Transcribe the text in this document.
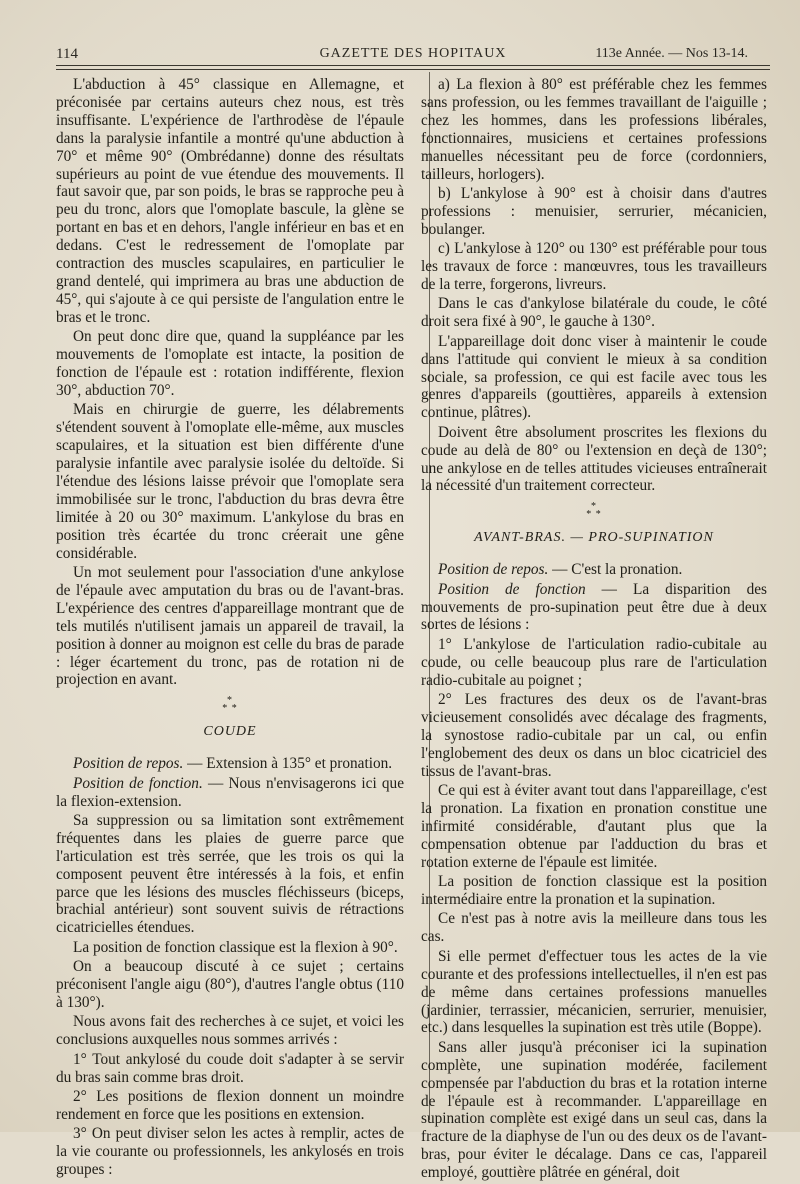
114	GAZETTE DES HOPITAUX	113e Année. — Nos 13-14.

L'abduction à 45° classique en Allemagne, et préconisée par certains auteurs chez nous, est très insuffisante. L'expérience de l'arthrodèse de l'épaule dans la paralysie infantile a montré qu'une abduction à 70° et même 90° (Ombrédanne) donne des résultats supérieurs au point de vue étendue des mouvements. Il faut savoir que, par son poids, le bras se rapproche peu à peu du tronc, alors que l'omoplate bascule, la glène se portant en bas et en dehors, l'angle inférieur en bas et en dedans. C'est le redressement de l'omoplate par contraction des muscles scapulaires, en particulier le grand dentelé, qui imprimera au bras une abduction de 45°, qui s'ajoute à ce qui persiste de l'angulation entre le bras et le tronc.

On peut donc dire que, quand la suppléance par les mouvements de l'omoplate est intacte, la position de fonction de l'épaule est : rotation indifférente, flexion 30°, abduction 70°.

Mais en chirurgie de guerre, les délabrements s'étendent souvent à l'omoplate elle-même, aux muscles scapulaires, et la situation est bien différente d'une paralysie infantile avec paralysie isolée du deltoïde. Si l'étendue des lésions laisse prévoir que l'omoplate sera immobilisée sur le tronc, l'abduction du bras devra être limitée à 20 ou 30° maximum. L'ankylose du bras en position très écartée du tronc créerait une gêne considérable.

Un mot seulement pour l'association d'une ankylose de l'épaule avec amputation du bras ou de l'avant-bras. L'expérience des centres d'appareillage montrant que de tels mutilés n'utilisent jamais un appareil de travail, la position à donner au moignon est celle du bras de parade : léger écartement du tronc, pas de rotation ni de projection en avant.

*
* *
COUDE

Position de repos. — Extension à 135° et pronation.

Position de fonction. — Nous n'envisagerons ici que la flexion-extension.

Sa suppression ou sa limitation sont extrêmement fréquentes dans les plaies de guerre parce que l'articulation est très serrée, que les trois os qui la composent peuvent être intéressés à la fois, et enfin parce que les lésions des muscles fléchisseurs (biceps, brachial antérieur) sont souvent suivis de rétractions cicatricielles étendues.

La position de fonction classique est la flexion à 90°.

On a beaucoup discuté à ce sujet ; certains préconisent l'angle aigu (80°), d'autres l'angle obtus (110 à 130°).

Nous avons fait des recherches à ce sujet, et voici les conclusions auxquelles nous sommes arrivés :

1° Tout ankylosé du coude doit s'adapter à se servir du bras sain comme bras droit.

2° Les positions de flexion donnent un moindre rendement en force que les positions en extension.

3° On peut diviser selon les actes à remplir, actes de la vie courante ou professionnels, les ankylosés en trois groupes :

a) La flexion à 80° est préférable chez les femmes sans profession, ou les femmes travaillant de l'aiguille ; chez les hommes, dans les professions libérales, fonctionnaires, musiciens et certaines professions manuelles nécessitant peu de force (cordonniers, tailleurs, horlogers).

b) L'ankylose à 90° est à choisir dans d'autres professions : menuisier, serrurier, mécanicien, boulanger.

c) L'ankylose à 120° ou 130° est préférable pour tous les travaux de force : manœuvres, tous les travailleurs de la terre, forgerons, livreurs.

Dans le cas d'ankylose bilatérale du coude, le côté droit sera fixé à 90°, le gauche à 130°.

L'appareillage doit donc viser à maintenir le coude dans l'attitude qui convient le mieux à sa condition sociale, sa profession, ce qui est facile avec tous les genres d'appareils (gouttières, appareils à extension continue, plâtres).

Doivent être absolument proscrites les flexions du coude au delà de 80° ou l'extension en deçà de 130°; une ankylose en de telles attitudes vicieuses entraînerait la nécessité d'un traitement correcteur.

*
* *
AVANT-BRAS. — PRO-SUPINATION

Position de repos. — C'est la pronation.

Position de fonction — La disparition des mouvements de pro-supination peut être due à deux sortes de lésions :

1° L'ankylose de l'articulation radio-cubitale au coude, ou celle beaucoup plus rare de l'articulation radio-cubitale au poignet ;

2° Les fractures des deux os de l'avant-bras vicieusement consolidés avec décalage des fragments, la synostose radio-cubitale par un cal, ou enfin l'englobement des deux os dans un bloc cicatriciel des tissus de l'avant-bras.

Ce qui est à éviter avant tout dans l'appareillage, c'est la pronation. La fixation en pronation constitue une infirmité considérable, d'autant plus que la compensation obtenue par l'adduction du bras et rotation externe de l'épaule est limitée.

La position de fonction classique est la position intermédiaire entre la pronation et la supination.

Ce n'est pas à notre avis la meilleure dans tous les cas.

Si elle permet d'effectuer tous les actes de la vie courante et des professions intellectuelles, il n'en est pas de même dans certaines professions manuelles (jardinier, terrassier, mécanicien, serrurier, menuisier, etc.) dans lesquelles la supination est très utile (Boppe).

Sans aller jusqu'à préconiser ici la supination complète, une supination modérée, facilement compensée par l'abduction du bras et la rotation interne de l'épaule est à recommander. L'appareillage en supination complète est exigé dans un seul cas, dans la fracture de la diaphyse de l'un ou des deux os de l'avant-bras, pour éviter le décalage. Dans ce cas, l'appareil employé, gouttière plâtrée en général, doit
